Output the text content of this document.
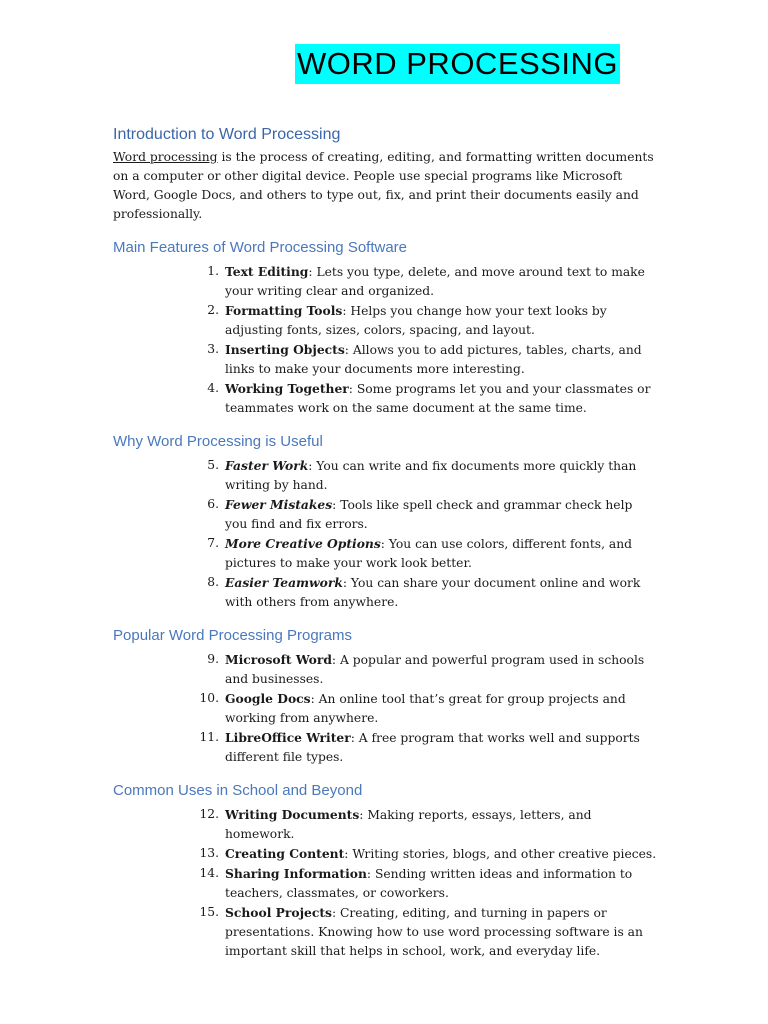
WORD PROCESSING
Introduction to Word Processing

Word processing is the process of creating, editing, and formatting written documents on a computer or other digital device. People use special programs like Microsoft Word, Google Docs, and others to type out, fix, and print their documents easily and professionally.

Main Features of Word Processing Software
1. Text Editing: Lets you type, delete, and move around text to make your writing clear and organized.
2. Formatting Tools: Helps you change how your text looks by adjusting fonts, sizes, colors, spacing, and layout.
3. Inserting Objects: Allows you to add pictures, tables, charts, and links to make your documents more interesting.
4. Working Together: Some programs let you and your classmates or teammates work on the same document at the same time.
Why Word Processing is Useful
5. Faster Work: You can write and fix documents more quickly than writing by hand.
6. Fewer Mistakes: Tools like spell check and grammar check help you find and fix errors.
7. More Creative Options: You can use colors, different fonts, and pictures to make your work look better.
8. Easier Teamwork: You can share your document online and work with others from anywhere.
Popular Word Processing Programs
9. Microsoft Word: A popular and powerful program used in schools and businesses.
10. Google Docs: An online tool that’s great for group projects and working from anywhere.
11. LibreOffice Writer: A free program that works well and supports different file types.
Common Uses in School and Beyond
12. Writing Documents: Making reports, essays, letters, and homework.
13. Creating Content: Writing stories, blogs, and other creative pieces.
14. Sharing Information: Sending written ideas and information to teachers, classmates, or coworkers.
15. School Projects: Creating, editing, and turning in papers or presentations. Knowing how to use word processing software is an important skill that helps in school, work, and everyday life.
